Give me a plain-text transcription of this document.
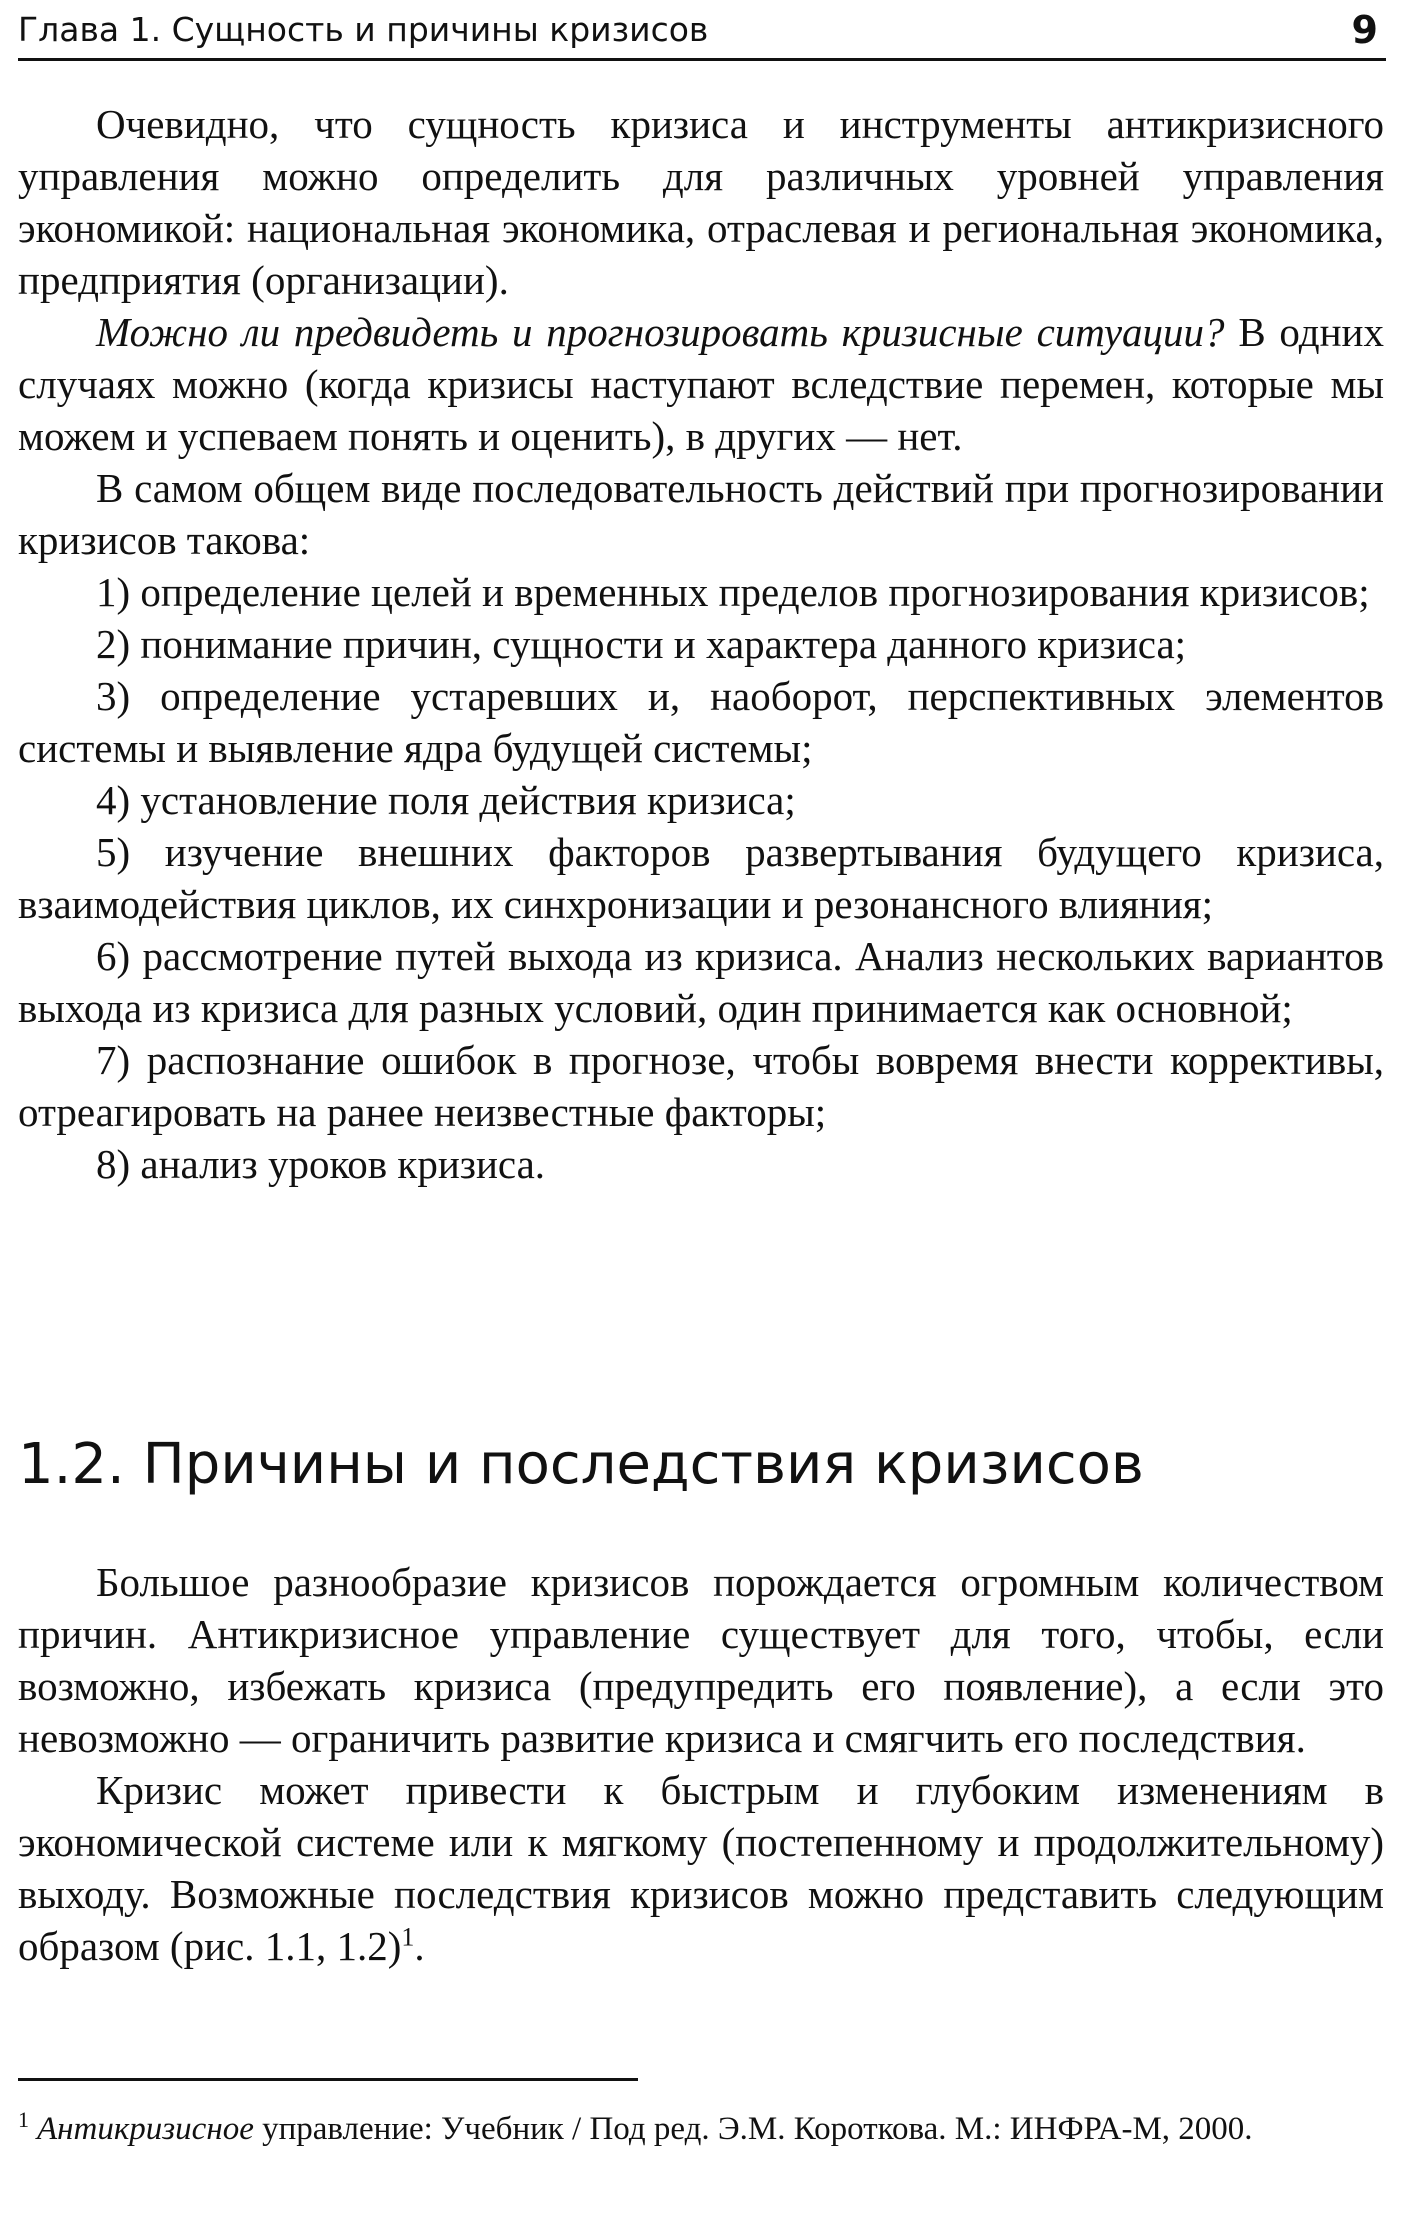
Глава 1. Сущность и причины кризисов	9

Очевидно, что сущность кризиса и инструменты антикризисного управления можно определить для различных уровней управления экономикой: национальная экономика, отраслевая и региональная экономика, предприятия (организации).

Можно ли предвидеть и прогнозировать кризисные ситуации? В одних случаях можно (когда кризисы наступают вследствие перемен, которые мы можем и успеваем понять и оценить), в других — нет.

В самом общем виде последовательность действий при прогнозировании кризисов такова:

1) определение целей и временных пределов прогнозирования кризисов;
2) понимание причин, сущности и характера данного кризиса;
3) определение устаревших и, наоборот, перспективных элементов системы и выявление ядра будущей системы;
4) установление поля действия кризиса;
5) изучение внешних факторов развертывания будущего кризиса, взаимодействия циклов, их синхронизации и резонансного влияния;
6) рассмотрение путей выхода из кризиса. Анализ нескольких вариантов выхода из кризиса для разных условий, один принимается как основной;
7) распознание ошибок в прогнозе, чтобы вовремя внести коррективы, отреагировать на ранее неизвестные факторы;
8) анализ уроков кризиса.
1.2. Причины и последствия кризисов

Большое разнообразие кризисов порождается огромным количеством причин. Антикризисное управление существует для того, чтобы, если возможно, избежать кризиса (предупредить его появление), а если это невозможно — ограничить развитие кризиса и смягчить его последствия.

Кризис может привести к быстрым и глубоким изменениям в экономической системе или к мягкому (постепенному и продолжительному) выходу. Возможные последствия кризисов можно представить следующим образом (рис. 1.1, 1.2)$^1$.

$^1$ Антикризисное управление: Учебник / Под ред. Э.М. Короткова. М.: ИНФРА-М, 2000.
